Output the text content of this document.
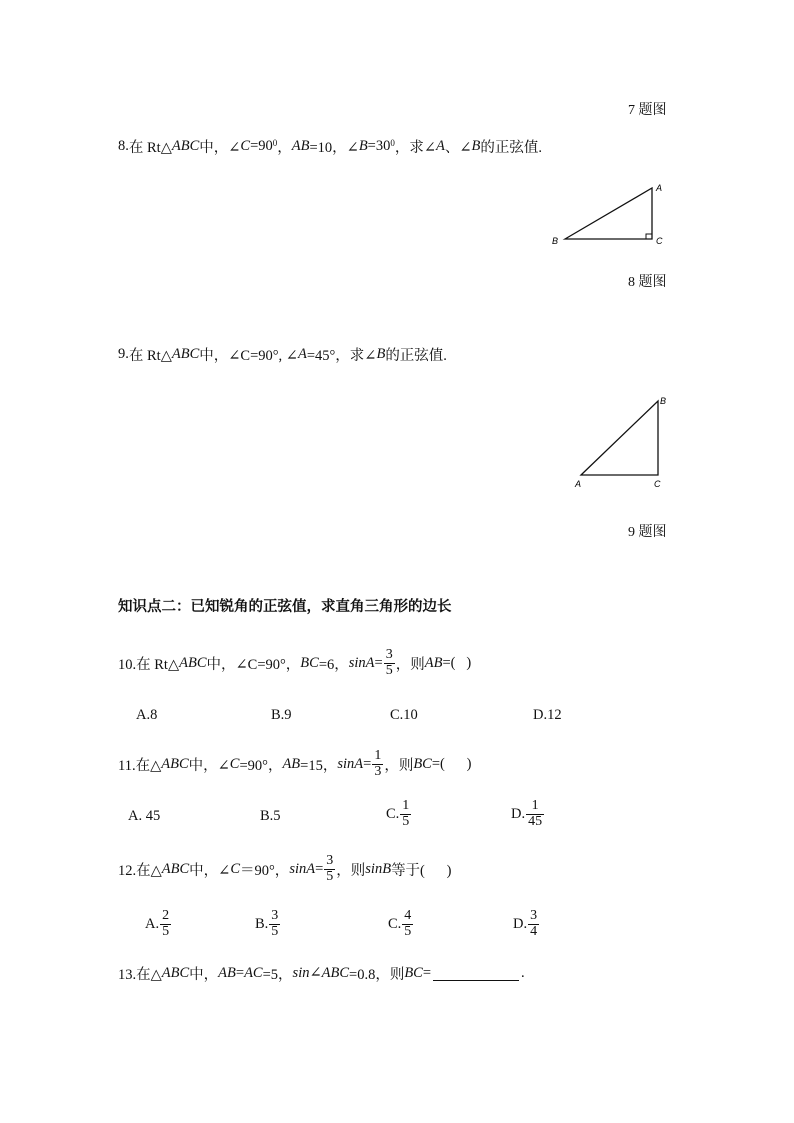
7 题图
8. 在 Rt△ ABC 中，∠ $C =90^0$ ， AB =10，∠ $B =30^0$ ，求∠ A 、∠ B 的正弦值.
A
B	C
8 题图
9. 在 Rt△ ABC 中，∠C=90°, ∠ A =45°，求∠ B 的正弦值.
B
A	C
9 题图
知识点二：已知锐角的正弦值，求直角三角形的边长
10.在 Rt△ ABC 中，∠C=90°， BC =6， $\sin A = \frac{3}{5}$ ，则 AB =(   )
A.8	B.9	C.10	D.12
11.在△ ABC 中，∠ C =90°， AB =15， $\sin A = \frac{1}{3}$ ，则 BC =(      )
A. 45	B.5	C. $\frac{1}{5}$	D. $\frac{1}{45}$
12.在△ ABC 中，∠ C ＝90°， $\sin A = \frac{3}{5}$ ，则 sinB 等于(      )
A. $\frac{2}{5}$	B. $\frac{3}{5}$	C. $\frac{4}{5}$	D. $\frac{3}{4}$
13.在△ ABC 中， AB = AC =5， sin ∠ ABC =0.8，则 BC =	.
